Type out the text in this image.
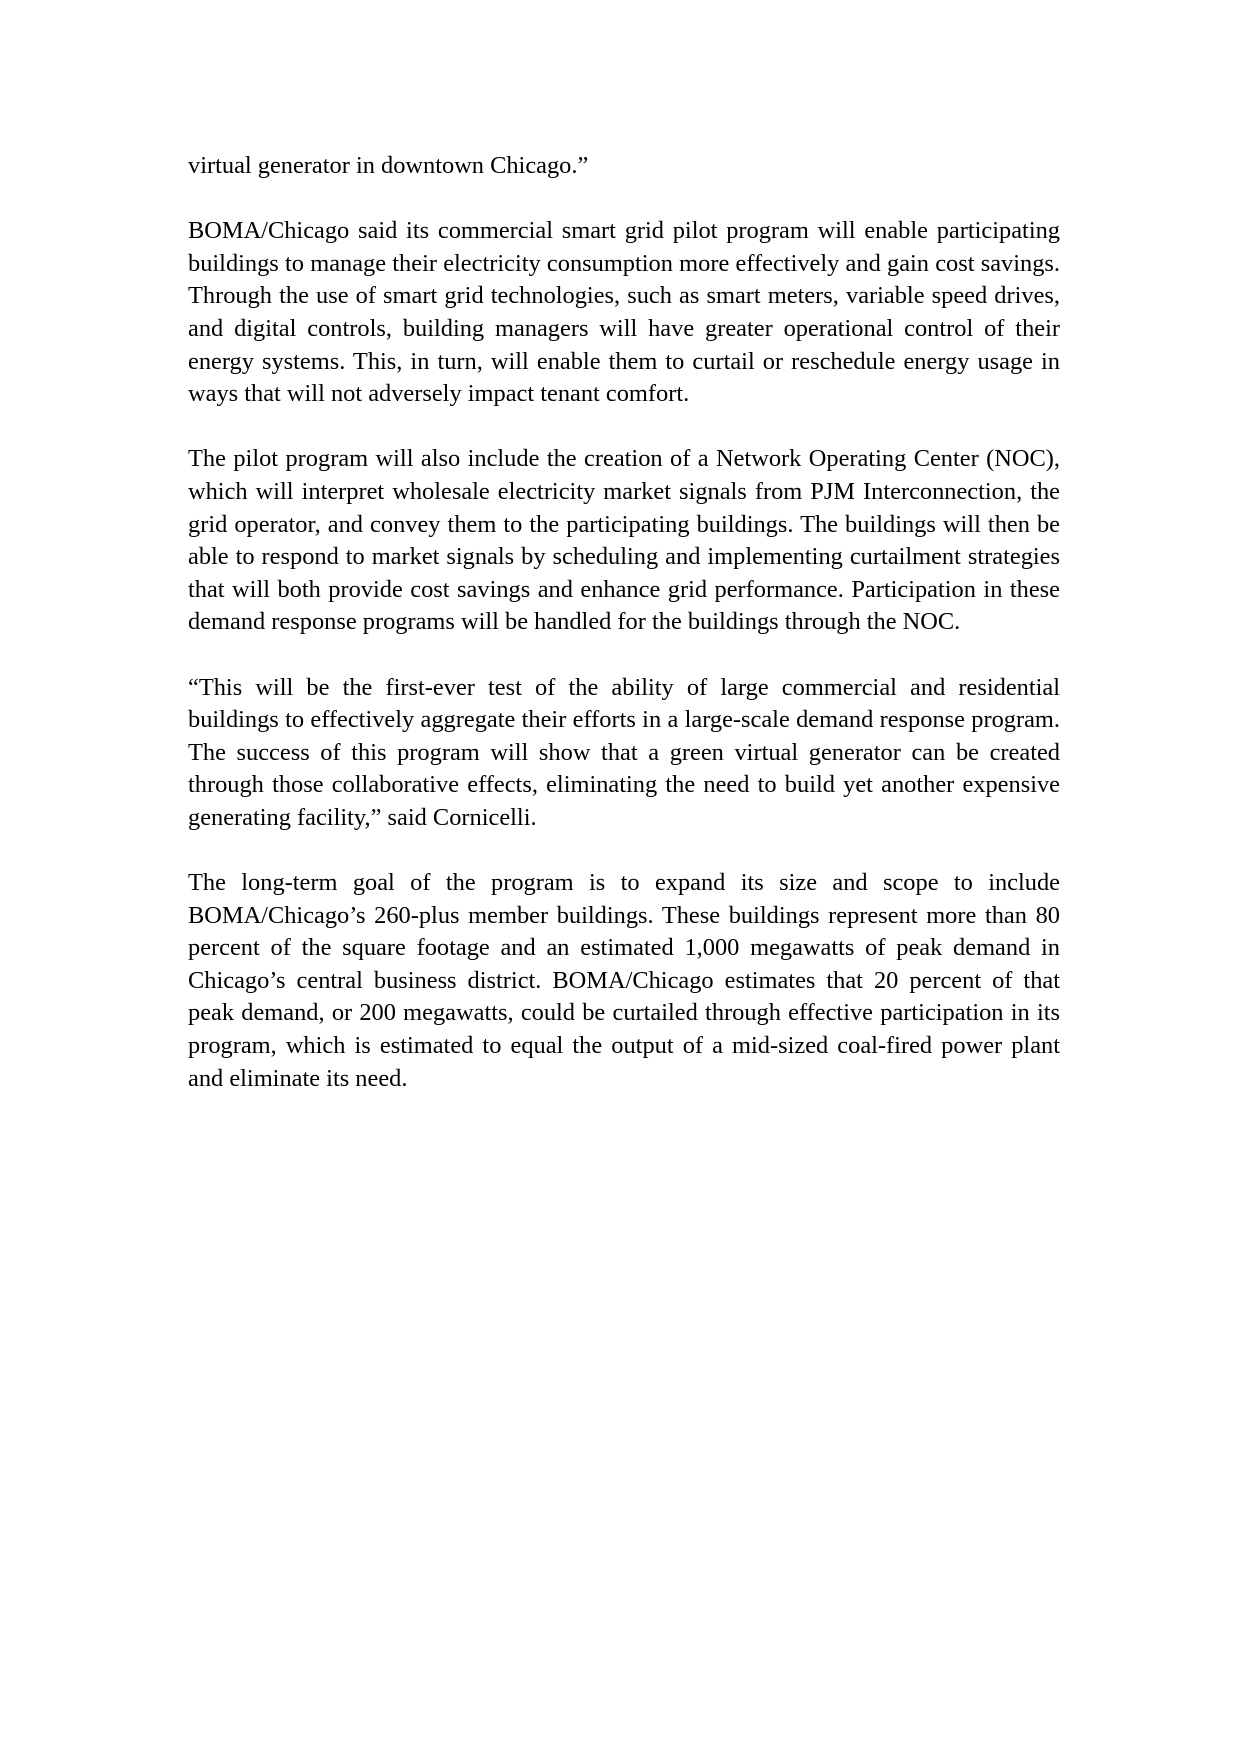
virtual generator in downtown Chicago.”

BOMA/Chicago said its commercial smart grid pilot program will enable participating buildings to manage their electricity consumption more effectively and gain cost savings. Through the use of smart grid technologies, such as smart meters, variable speed drives, and digital controls, building managers will have greater operational control of their energy systems. This, in turn, will enable them to curtail or reschedule energy usage in ways that will not adversely impact tenant comfort.

The pilot program will also include the creation of a Network Operating Center (NOC), which will interpret wholesale electricity market signals from PJM Interconnection, the grid operator, and convey them to the participating buildings. The buildings will then be able to respond to market signals by scheduling and implementing curtailment strategies that will both provide cost savings and enhance grid performance. Participation in these demand response programs will be handled for the buildings through the NOC.

“This will be the first-ever test of the ability of large commercial and residential buildings to effectively aggregate their efforts in a large-scale demand response program. The success of this program will show that a green virtual generator can be created through those collaborative effects, eliminating the need to build yet another expensive generating facility,” said Cornicelli.

The long-term goal of the program is to expand its size and scope to include BOMA/Chicago’s 260-plus member buildings. These buildings represent more than 80 percent of the square footage and an estimated 1,000 megawatts of peak demand in Chicago’s central business district. BOMA/Chicago estimates that 20 percent of that peak demand, or 200 megawatts, could be curtailed through effective participation in its program, which is estimated to equal the output of a mid-sized coal-fired power plant and eliminate its need.
